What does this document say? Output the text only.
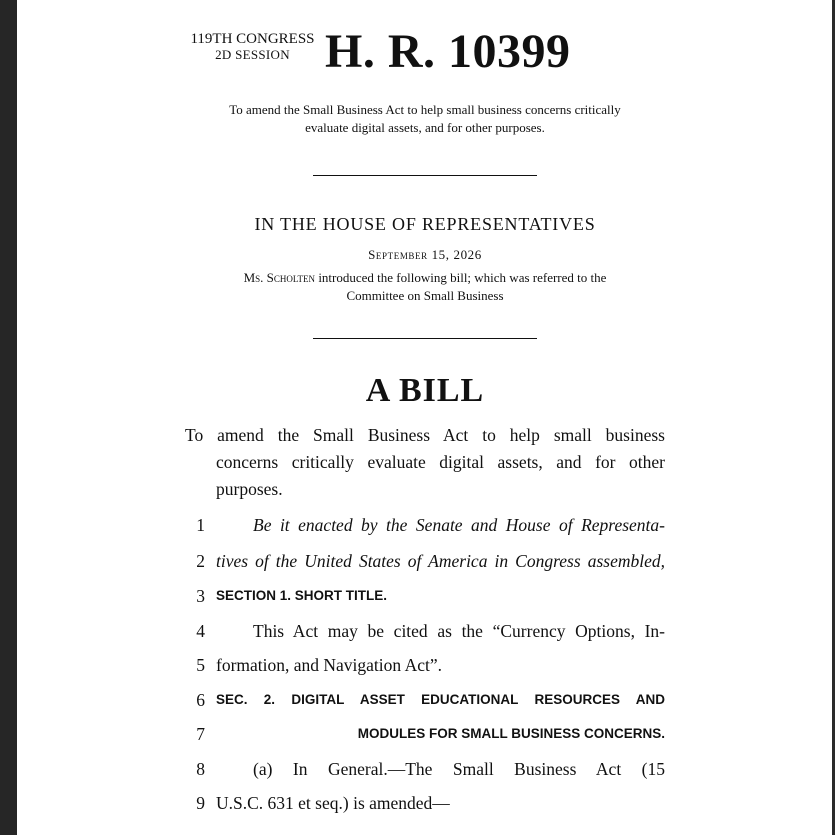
119TH CONGRESS
2D SESSION H. R. 10399
To amend the Small Business Act to help small business concerns critically
evaluate digital assets, and for other purposes.
IN THE HOUSE OF REPRESENTATIVES
September 15, 2026
Ms. Scholten introduced the following bill; which was referred to the
Committee on Small Business
A BILL
To amend the Small Business Act to help small business
concerns critically evaluate digital assets, and for other
purposes.
1	Be it enacted by the Senate and House of Representa-
2 tives of the United States of America in Congress assembled,
3 SECTION 1. SHORT TITLE.
4	This Act may be cited as the “Currency Options, In-
5 formation, and Navigation Act”.
6 SEC. 2. DIGITAL ASSET EDUCATIONAL RESOURCES AND
7	MODULES FOR SMALL BUSINESS CONCERNS.
8	(a) In General.—The Small Business Act (15
9 U.S.C. 631 et seq.) is amended—
